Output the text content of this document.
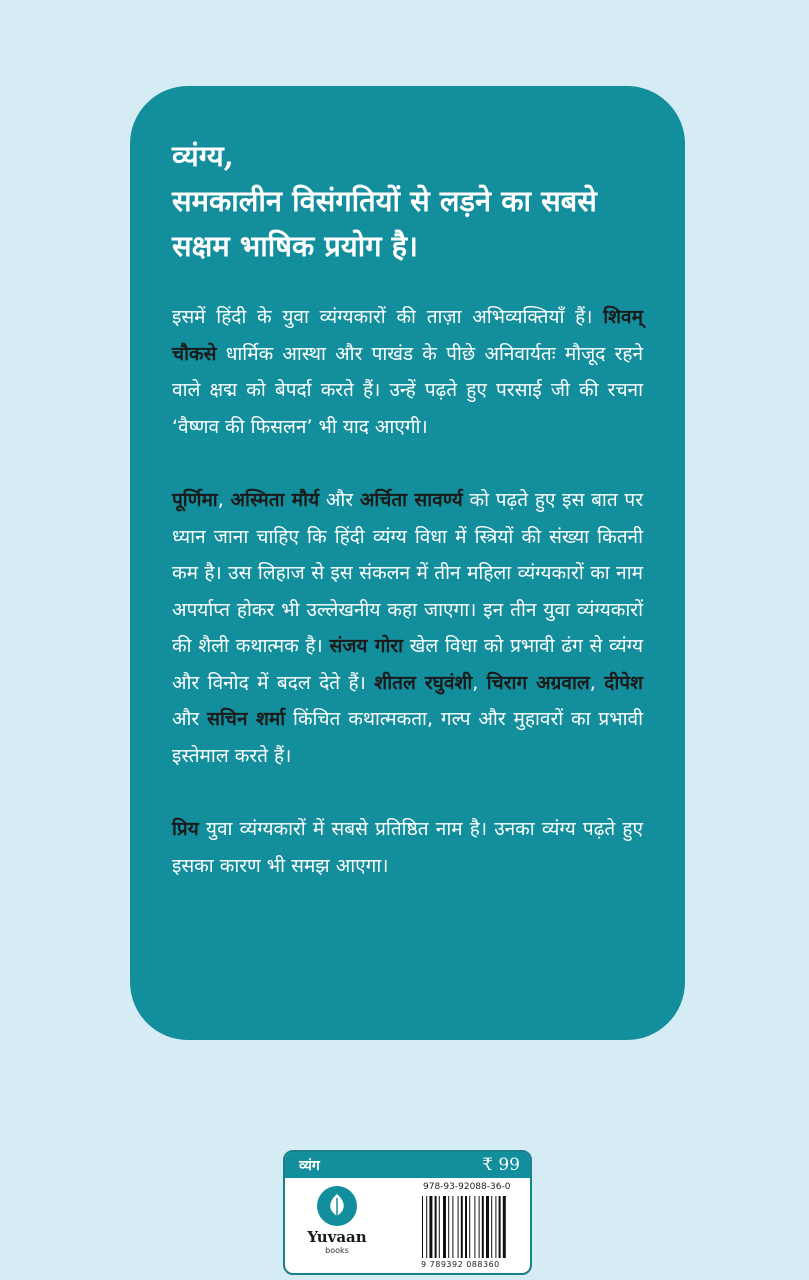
व्यंग्य,
समकालीन विसंगतियों से लड़ने का सबसे
सक्षम भाषिक प्रयोग है।

इसमें हिंदी के युवा व्यंग्यकारों की ताज़ा अभिव्यक्तियाँ हैं। शिवम् चौकसे धार्मिक आस्था और पाखंड के पीछे अनिवार्यतः मौजूद रहने वाले क्षद्म को बेपर्दा करते हैं। उन्हें पढ़ते हुए परसाई जी की रचना ‘वैष्णव की फिसलन’ भी याद आएगी।

पूर्णिमा, अस्मिता मौर्य और अर्चिता सावर्ण्य को पढ़ते हुए इस बात पर ध्यान जाना चाहिए कि हिंदी व्यंग्य विधा में स्त्रियों की संख्या कितनी कम है। उस लिहाज से इस संकलन में तीन महिला व्यंग्यकारों का नाम अपर्याप्त होकर भी उल्लेखनीय कहा जाएगा। इन तीन युवा व्यंग्यकारों की शैली कथात्मक है। संजय गोरा खेल विधा को प्रभावी ढंग से व्यंग्य और विनोद में बदल देते हैं। शीतल रघुवंशी, चिराग अग्रवाल, दीपेश और सचिन शर्मा किंचित कथात्मकता, गल्प और मुहावरों का प्रभावी इस्तेमाल करते हैं।

प्रिय युवा व्यंग्यकारों में सबसे प्रतिष्ठित नाम है। उनका व्यंग्य पढ़ते हुए इसका कारण भी समझ आएगा।

व्यंग	₹ 99
Yuvaan
books
978-93-92088-36-0
9 789392 088360
